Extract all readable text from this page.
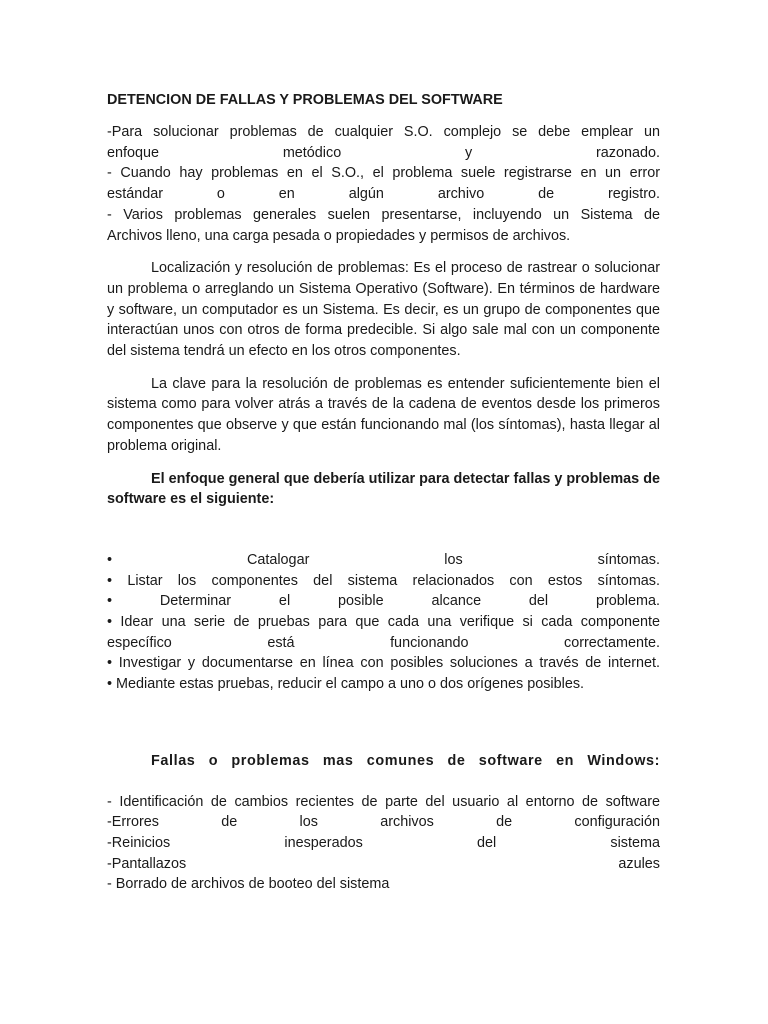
DETENCION DE FALLAS Y PROBLEMAS DEL SOFTWARE
-Para solucionar problemas de cualquier S.O. complejo se debe emplear un
enfoque metódico y razonado.
- Cuando hay problemas en el S.O., el problema suele registrarse en un error
estándar o en algún archivo de registro.
- Varios problemas generales suelen presentarse, incluyendo un Sistema de
Archivos lleno, una carga pesada o propiedades y permisos de archivos.

Localización y resolución de problemas: Es el proceso de rastrear o solucionar un problema o arreglando un Sistema Operativo (Software). En términos de hardware y software, un computador es un Sistema. Es decir, es un grupo de componentes que interactúan unos con otros de forma predecible. Si algo sale mal con un componente del sistema tendrá un efecto en los otros componentes.

La clave para la resolución de problemas es entender suficientemente bien el sistema como para volver atrás a través de la cadena de eventos desde los primeros componentes que observe y que están funcionando mal (los síntomas), hasta llegar al problema original.

El enfoque general que debería utilizar para detectar fallas y problemas de software es el siguiente:

• Catalogar los síntomas.
• Listar los componentes del sistema relacionados con estos síntomas.
• Determinar el posible alcance del problema.
• Idear una serie de pruebas para que cada una verifique si cada componente
específico está funcionando correctamente.
• Investigar y documentarse en línea con posibles soluciones a través de internet.
• Mediante estas pruebas, reducir el campo a uno o dos orígenes posibles.
Fallas o problemas mas comunes de software en Windows:
- Identificación de cambios recientes de parte del usuario al entorno de software
-Errores de los archivos de configuración
-Reinicios inesperados del sistema
-Pantallazos azules
- Borrado de archivos de booteo del sistema
